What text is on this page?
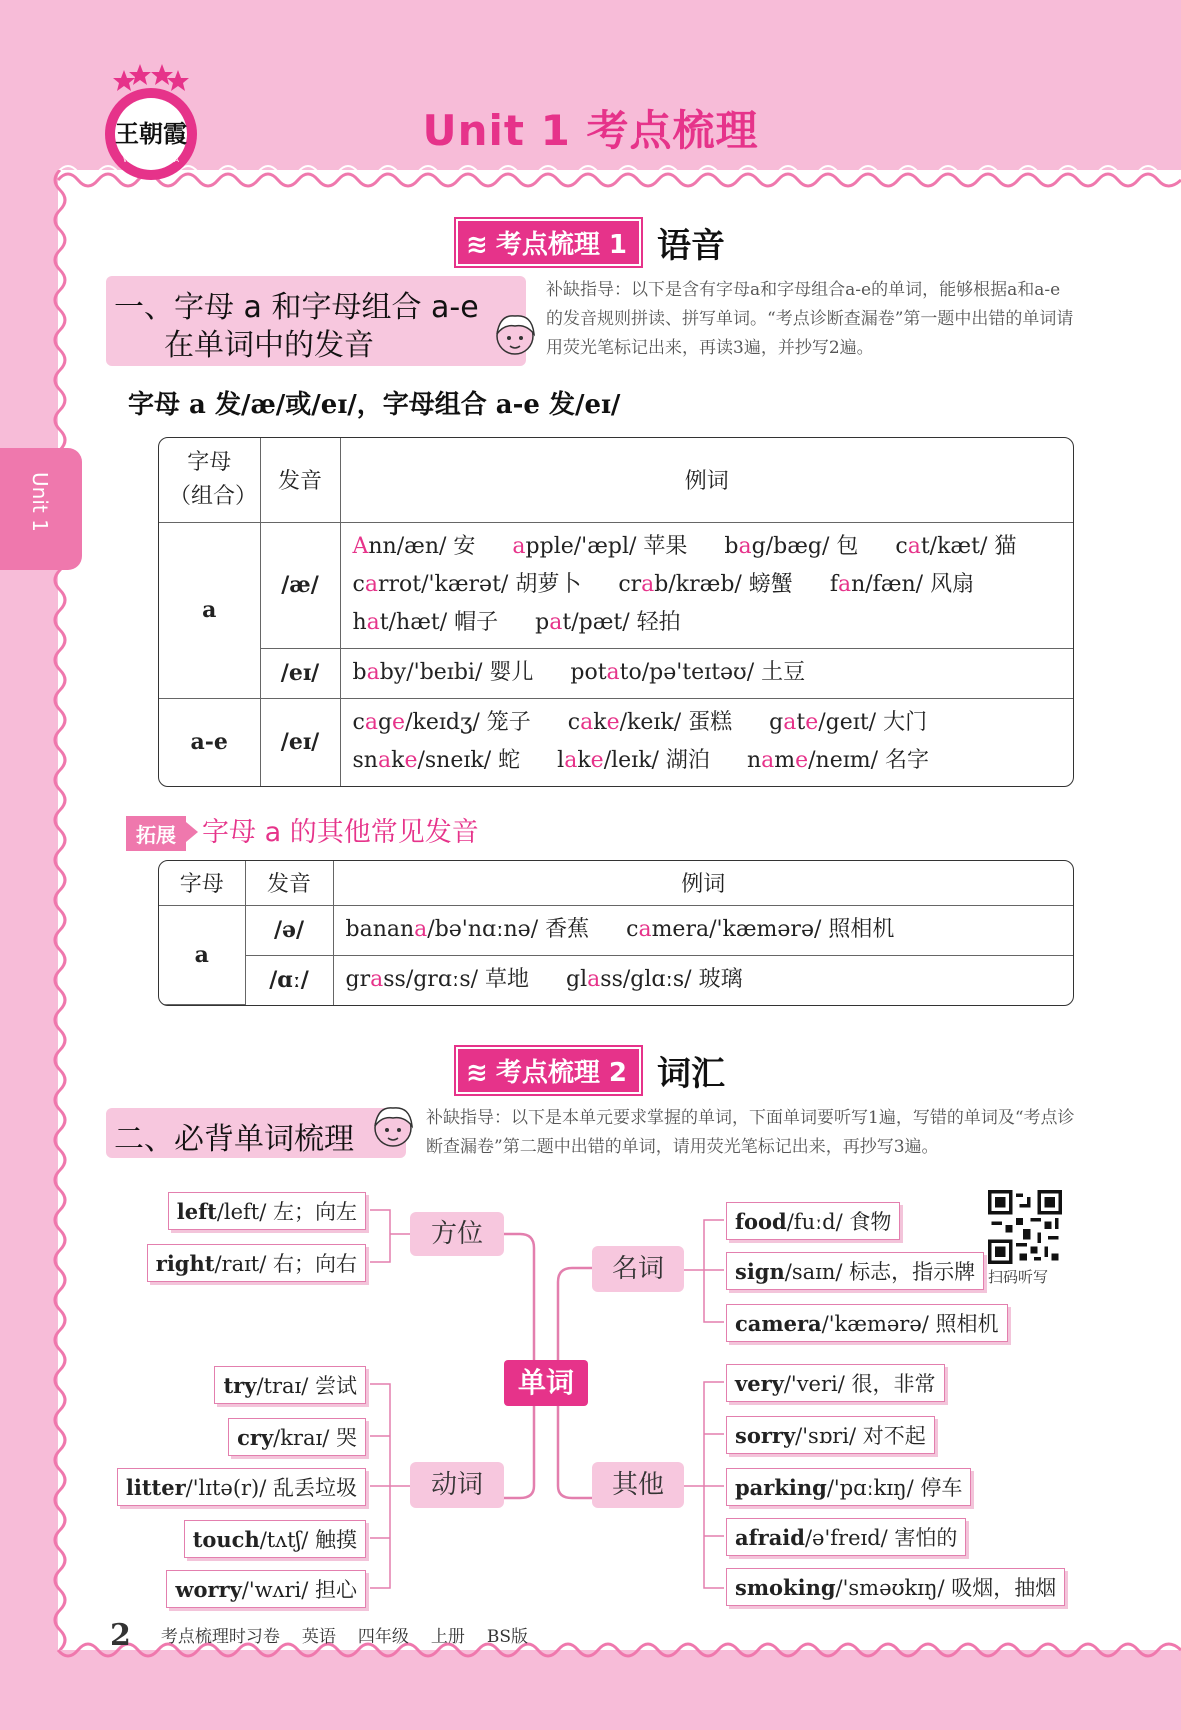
王朝霞
WANG CHAOXIA
Unit 1 考点梳理
Unit 1
≋ 考点梳理 1 语音
一、字母 a 和字母组合 a-e
在单词中的发音
补缺指导：以下是含有字母a和字母组合a-e的单词，能够根据a和a-e的发音规则拼读、拼写单词。“考点诊断查漏卷”第一题中出错的单词请用荧光笔标记出来，再读3遍，并抄写2遍。
字母 a 发/æ/或/eɪ/，字母组合 a-e 发/eɪ/
字母（组合）	发音	例词
a	/æ/	Ann/æn/ 安 apple/'æpl/ 苹果 bag/bæg/ 包 cat/kæt/ 猫 carrot/'kærət/ 胡萝卜 crab/kræb/ 螃蟹 fan/fæn/ 风扇 hat/hæt/ 帽子 pat/pæt/ 轻拍
	/eɪ/	baby/'beɪbi/ 婴儿 potato/pə'teɪtəʊ/ 土豆
a-e	/eɪ/	cage/keɪdʒ/ 笼子 cake/keɪk/ 蛋糕 gate/geɪt/ 大门 snake/sneɪk/ 蛇 lake/leɪk/ 湖泊 name/neɪm/ 名字
拓展 字母 a 的其他常见发音
字母	发音	例词
a	/ə/	banana/bə'nɑːnə/ 香蕉 camera/'kæmərə/ 照相机
	/ɑː/	grass/grɑːs/ 草地 glass/glɑːs/ 玻璃
≋ 考点梳理 2 词汇
二、必背单词梳理
补缺指导：以下是本单元要求掌握的单词，下面单词要听写1遍，写错的单词及“考点诊断查漏卷”第二题中出错的单词，请用荧光笔标记出来，再抄写3遍。
单词
方位
动词
名词
其他
left/left/ 左；向左
right/raɪt/ 右；向右
try/traɪ/ 尝试
cry/kraɪ/ 哭
litter/'lɪtə(r)/ 乱丢垃圾
touch/tʌtʃ/ 触摸
worry/'wʌri/ 担心
food/fuːd/ 食物
sign/saɪn/ 标志，指示牌
camera/'kæmərə/ 照相机
very/'veri/ 很，非常
sorry/'sɒri/ 对不起
parking/'pɑːkɪŋ/ 停车
afraid/ə'freɪd/ 害怕的
smoking/'sməʊkɪŋ/ 吸烟，抽烟
扫码听写
2 考点梳理时习卷 英语 四年级 上册 BS版
